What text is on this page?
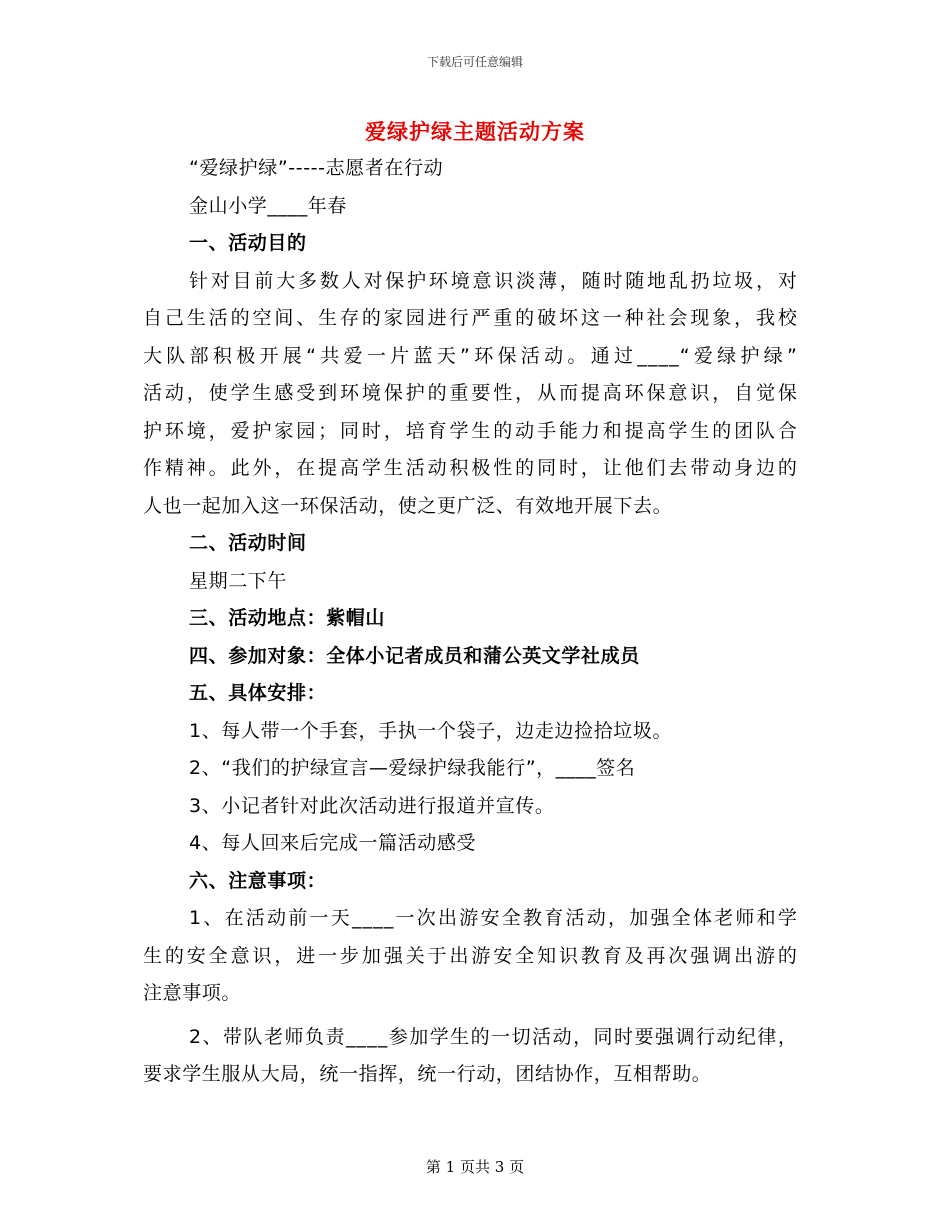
下载后可任意编辑
爱绿护绿主题活动方案
“爱绿护绿”-----志愿者在行动
金山小学____年春
一、活动目的
针对目前大多数人对保护环境意识淡薄，随时随地乱扔垃圾，对
自己生活的空间、生存的家园进行严重的破坏这一种社会现象，我校
大队部积极开展“共爱一片蓝天”环保活动。通过____“爱绿护绿”
活动，使学生感受到环境保护的重要性，从而提高环保意识，自觉保
护环境，爱护家园；同时，培育学生的动手能力和提高学生的团队合
作精神。此外，在提高学生活动积极性的同时，让他们去带动身边的
人也一起加入这一环保活动，使之更广泛、有效地开展下去。
二、活动时间
星期二下午
三、活动地点：紫帽山
四、参加对象：全体小记者成员和蒲公英文学社成员
五、具体安排：
1、每人带一个手套，手执一个袋子，边走边捡拾垃圾。
2、“我们的护绿宣言—爱绿护绿我能行”，____签名
3、小记者针对此次活动进行报道并宣传。
4、每人回来后完成一篇活动感受
六、注意事项：
1、在活动前一天____一次出游安全教育活动，加强全体老师和学
生的安全意识，进一步加强关于出游安全知识教育及再次强调出游的
注意事项。
2、带队老师负责____参加学生的一切活动，同时要强调行动纪律，
要求学生服从大局，统一指挥，统一行动，团结协作，互相帮助。
第 1 页共 3 页
